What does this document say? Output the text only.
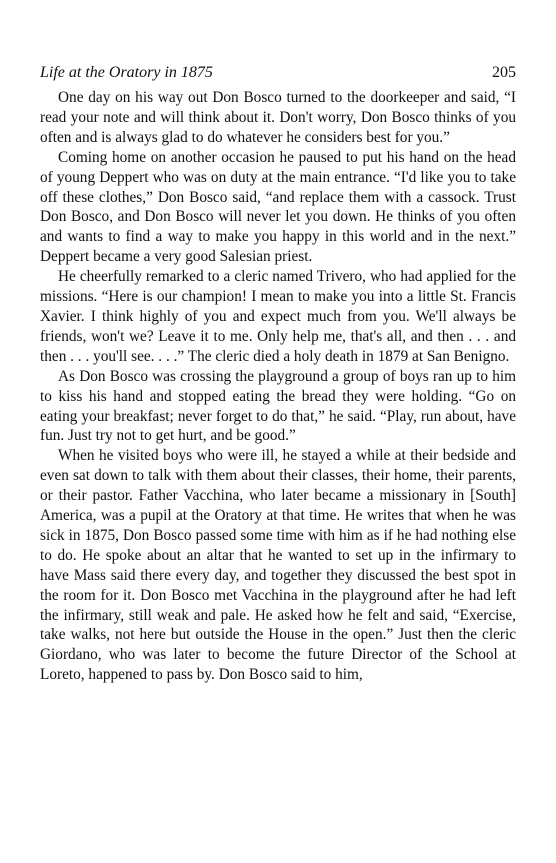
Life at the Oratory in 1875	205

One day on his way out Don Bosco turned to the doorkeeper and said, “I read your note and will think about it. Don't worry, Don Bosco thinks of you often and is always glad to do whatever he considers best for you.”

Coming home on another occasion he paused to put his hand on the head of young Deppert who was on duty at the main entrance. “I'd like you to take off these clothes,” Don Bosco said, “and replace them with a cassock. Trust Don Bosco, and Don Bosco will never let you down. He thinks of you often and wants to find a way to make you happy in this world and in the next.” Deppert became a very good Salesian priest.

He cheerfully remarked to a cleric named Trivero, who had applied for the missions. “Here is our champion! I mean to make you into a little St. Francis Xavier. I think highly of you and expect much from you. We'll always be friends, won't we? Leave it to me. Only help me, that's all, and then . . . and then . . . you'll see. . . .” The cleric died a holy death in 1879 at San Benigno.

As Don Bosco was crossing the playground a group of boys ran up to him to kiss his hand and stopped eating the bread they were holding. “Go on eating your breakfast; never forget to do that,” he said. “Play, run about, have fun. Just try not to get hurt, and be good.”

When he visited boys who were ill, he stayed a while at their bedside and even sat down to talk with them about their classes, their home, their parents, or their pastor. Father Vacchina, who later became a missionary in [South] America, was a pupil at the Oratory at that time. He writes that when he was sick in 1875, Don Bosco passed some time with him as if he had nothing else to do. He spoke about an altar that he wanted to set up in the infirmary to have Mass said there every day, and together they discussed the best spot in the room for it. Don Bosco met Vacchina in the playground after he had left the infirmary, still weak and pale. He asked how he felt and said, “Exercise, take walks, not here but outside the House in the open.” Just then the cleric Giordano, who was later to become the future Director of the School at Loreto, happened to pass by. Don Bosco said to him,
